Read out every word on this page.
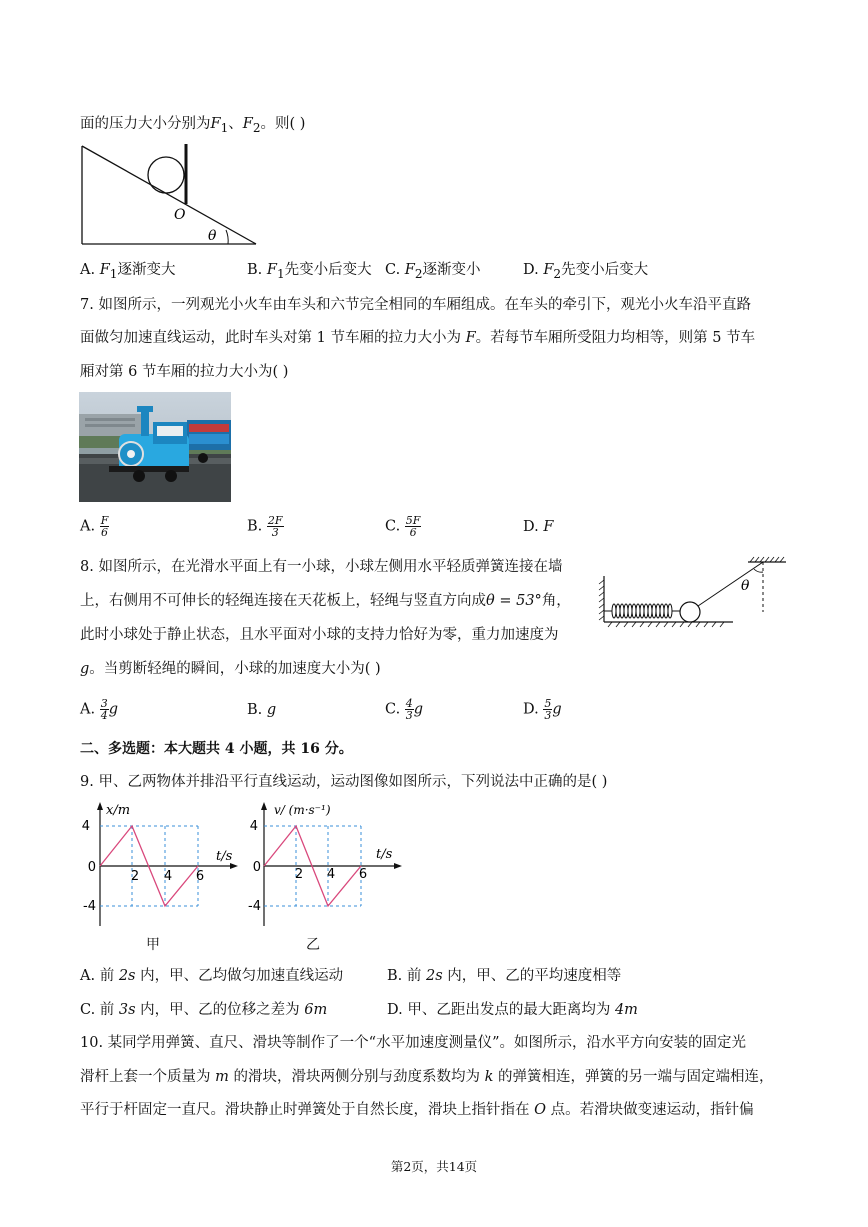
面的压力大小分别为$F_1$、$F_2$。则( )
O
θ
A. $F_1$逐渐变大	B. $F_1$先变小后变大 C. $F_2$逐渐变小	D. $F_2$先变小后变大
7. 如图所示，一列观光小火车由车头和六节完全相同的车厢组成。在车头的牵引下，观光小火车沿平直路
面做匀加速直线运动，此时车头对第 1 节车厢的拉力大小为 F。若每节车厢所受阻力均相等，则第 5 节车
厢对第 6 节车厢的拉力大小为( )
A. $\frac{F}{6}$	B. $\frac{2F}{3}$	C. $\frac{5F}{6}$	D. F
8. 如图所示，在光滑水平面上有一小球，小球左侧用水平轻质弹簧连接在墙
上，右侧用不可伸长的轻绳连接在天花板上，轻绳与竖直方向成θ = 53°角，
此时小球处于静止状态，且水平面对小球的支持力恰好为零，重力加速度为
g。当剪断轻绳的瞬间，小球的加速度大小为( )
θ
A. $\frac{3}{4}$ g	B. g	C. $\frac{4}{3}$ g	D. $\frac{5}{3}$ g
二、多选题：本大题共 4 小题，共 16 分。
9. 甲、乙两物体并排沿平行直线运动，运动图像如图所示，下列说法中正确的是( )
4
0
-4
2 4 6
x/m
t/s
甲
4
0
-4
2 4 6
v/ (m·s⁻¹)
t/s
乙
A. 前 2s 内，甲、乙均做匀加速直线运动	B. 前 2s 内，甲、乙的平均速度相等
C. 前 3s 内，甲、乙的位移之差为 6m	D. 甲、乙距出发点的最大距离均为 4m
10. 某同学用弹簧、直尺、滑块等制作了一个“水平加速度测量仪”。如图所示，沿水平方向安装的固定光
滑杆上套一个质量为 m 的滑块，滑块两侧分别与劲度系数均为 k 的弹簧相连，弹簧的另一端与固定端相连，
平行于杆固定一直尺。滑块静止时弹簧处于自然长度，滑块上指针指在 O 点。若滑块做变速运动，指针偏
第2页，共14页
